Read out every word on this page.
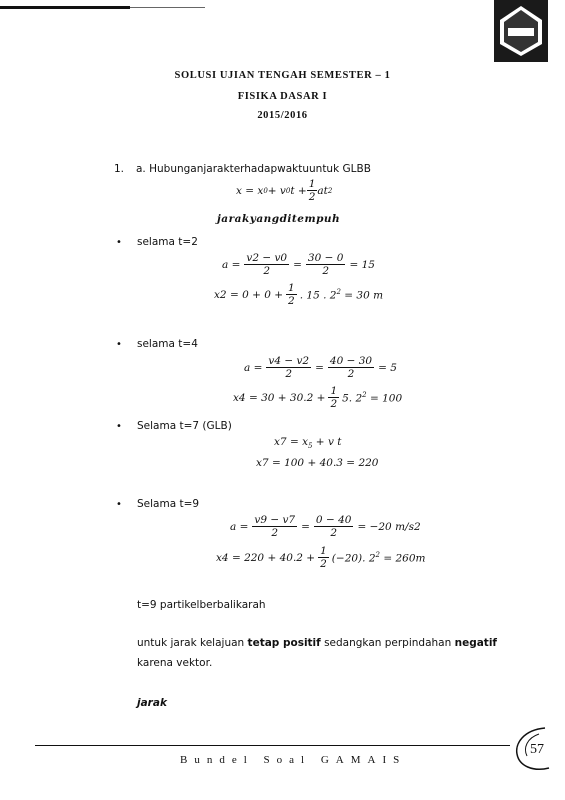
SOLUSI UJIAN TENGAH SEMESTER – 1
FISIKA DASAR I
2015/2016
1. a. Hubunganjarakterhadapwaktuuntuk GLBB
x = x 0 + v 0 $t + \frac{1}{2}$ at 2
jarakyangditempuh
• selama t=2
$a = \frac{v2 - v0}{2} = \frac{30 - 0}{2} = 15$
$x2 = 0 + 0 + \frac{1}{2}$ . 15 . $2^2 = 30$ m
• selama t=4
$a = \frac{v4 - v2}{2} = \frac{40 - 30}{2} = 5$
$x4 = 30 + 30.2 + \frac{1}{2} 5$. $2^2 = 100$
• Selama t=7 (GLB)
$x7 = x_5 + v$ t
x7 = 100 + 40.3 = 220
• Selama t=9
$a = \frac{v9 - v7}{2} = \frac{0 - 40}{2} = -20$ m/s2
$x4 = 220 + 40.2 + \frac{1}{2} (-20)$. $2^2 = 260m$
t=9 partikelberbalikarah
untuk jarak kelajuan tetap positif sedangkan perpindahan negatif
karena vektor.
jarak
Bundel Soal GAMAIS
57
